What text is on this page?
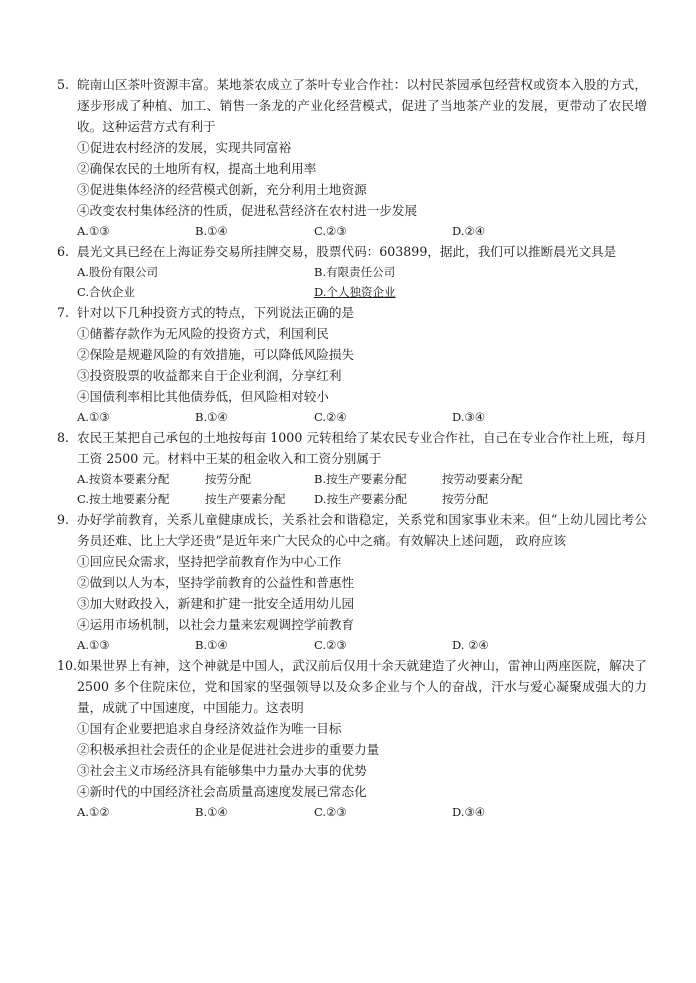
5. 皖南山区茶叶资源丰富。某地茶农成立了茶叶专业合作社：以村民茶园承包经营权或资本入股的方式，逐步形成了种植、加工、销售一条龙的产业化经营模式，促进了当地茶产业的发展，更带动了农民增收。这种运营方式有利于
①促进农村经济的发展，实现共同富裕
②确保农民的土地所有权，提高土地利用率
③促进集体经济的经营模式创新，充分利用土地资源
④改变农村集体经济的性质，促进私营经济在农村进一步发展
A.①③	B.①④	C.②③	D.②④
6. 晨光文具已经在上海证券交易所挂牌交易，股票代码：603899，据此，我们可以推断晨光文具是
A.股份有限公司	B.有限责任公司
C.合伙企业	D.个人独资企业
7. 针对以下几种投资方式的特点，下列说法正确的是
①储蓄存款作为无风险的投资方式，利国利民
②保险是规避风险的有效措施，可以降低风险损失
③投资股票的收益都来自于企业利润，分享红利
④国债利率相比其他债券低，但风险相对较小
A.①③	B.①④	C.②④	D.③④
8. 农民王某把自己承包的土地按每亩 1000 元转租给了某农民专业合作社，自己在专业合作社上班，每月工资 2500 元。材料中王某的租金收入和工资分别属于
A.按资本要素分配	按劳分配	B.按生产要素分配	按劳动要素分配
C.按土地要素分配	按生产要素分配 D.按生产要素分配	按劳分配
9. 办好学前教育，关系儿童健康成长，关系社会和谐稳定，关系党和国家事业未来。但“上幼儿园比考公务员还难、比上大学还贵”是近年来广大民众的心中之痛。有效解决上述问题， 政府应该
①回应民众需求，坚持把学前教育作为中心工作
②做到以人为本，坚持学前教育的公益性和普惠性
③加大财政投入，新建和扩建一批安全适用幼儿园
④运用市场机制，以社会力量来宏观调控学前教育
A.①③	B.①④	C.②③	D. ②④
10. 如果世界上有神，这个神就是中国人，武汉前后仅用十余天就建造了火神山，雷神山两座医院，解决了 2500 多个住院床位，党和国家的坚强领导以及众多企业与个人的奋战，汗水与爱心凝聚成强大的力量，成就了中国速度，中国能力。这表明
①国有企业要把追求自身经济效益作为唯一目标
②积极承担社会责任的企业是促进社会进步的重要力量
③社会主义市场经济具有能够集中力量办大事的优势
④新时代的中国经济社会高质量高速度发展已常态化
A.①②	B.①④	C.②③	D.③④
